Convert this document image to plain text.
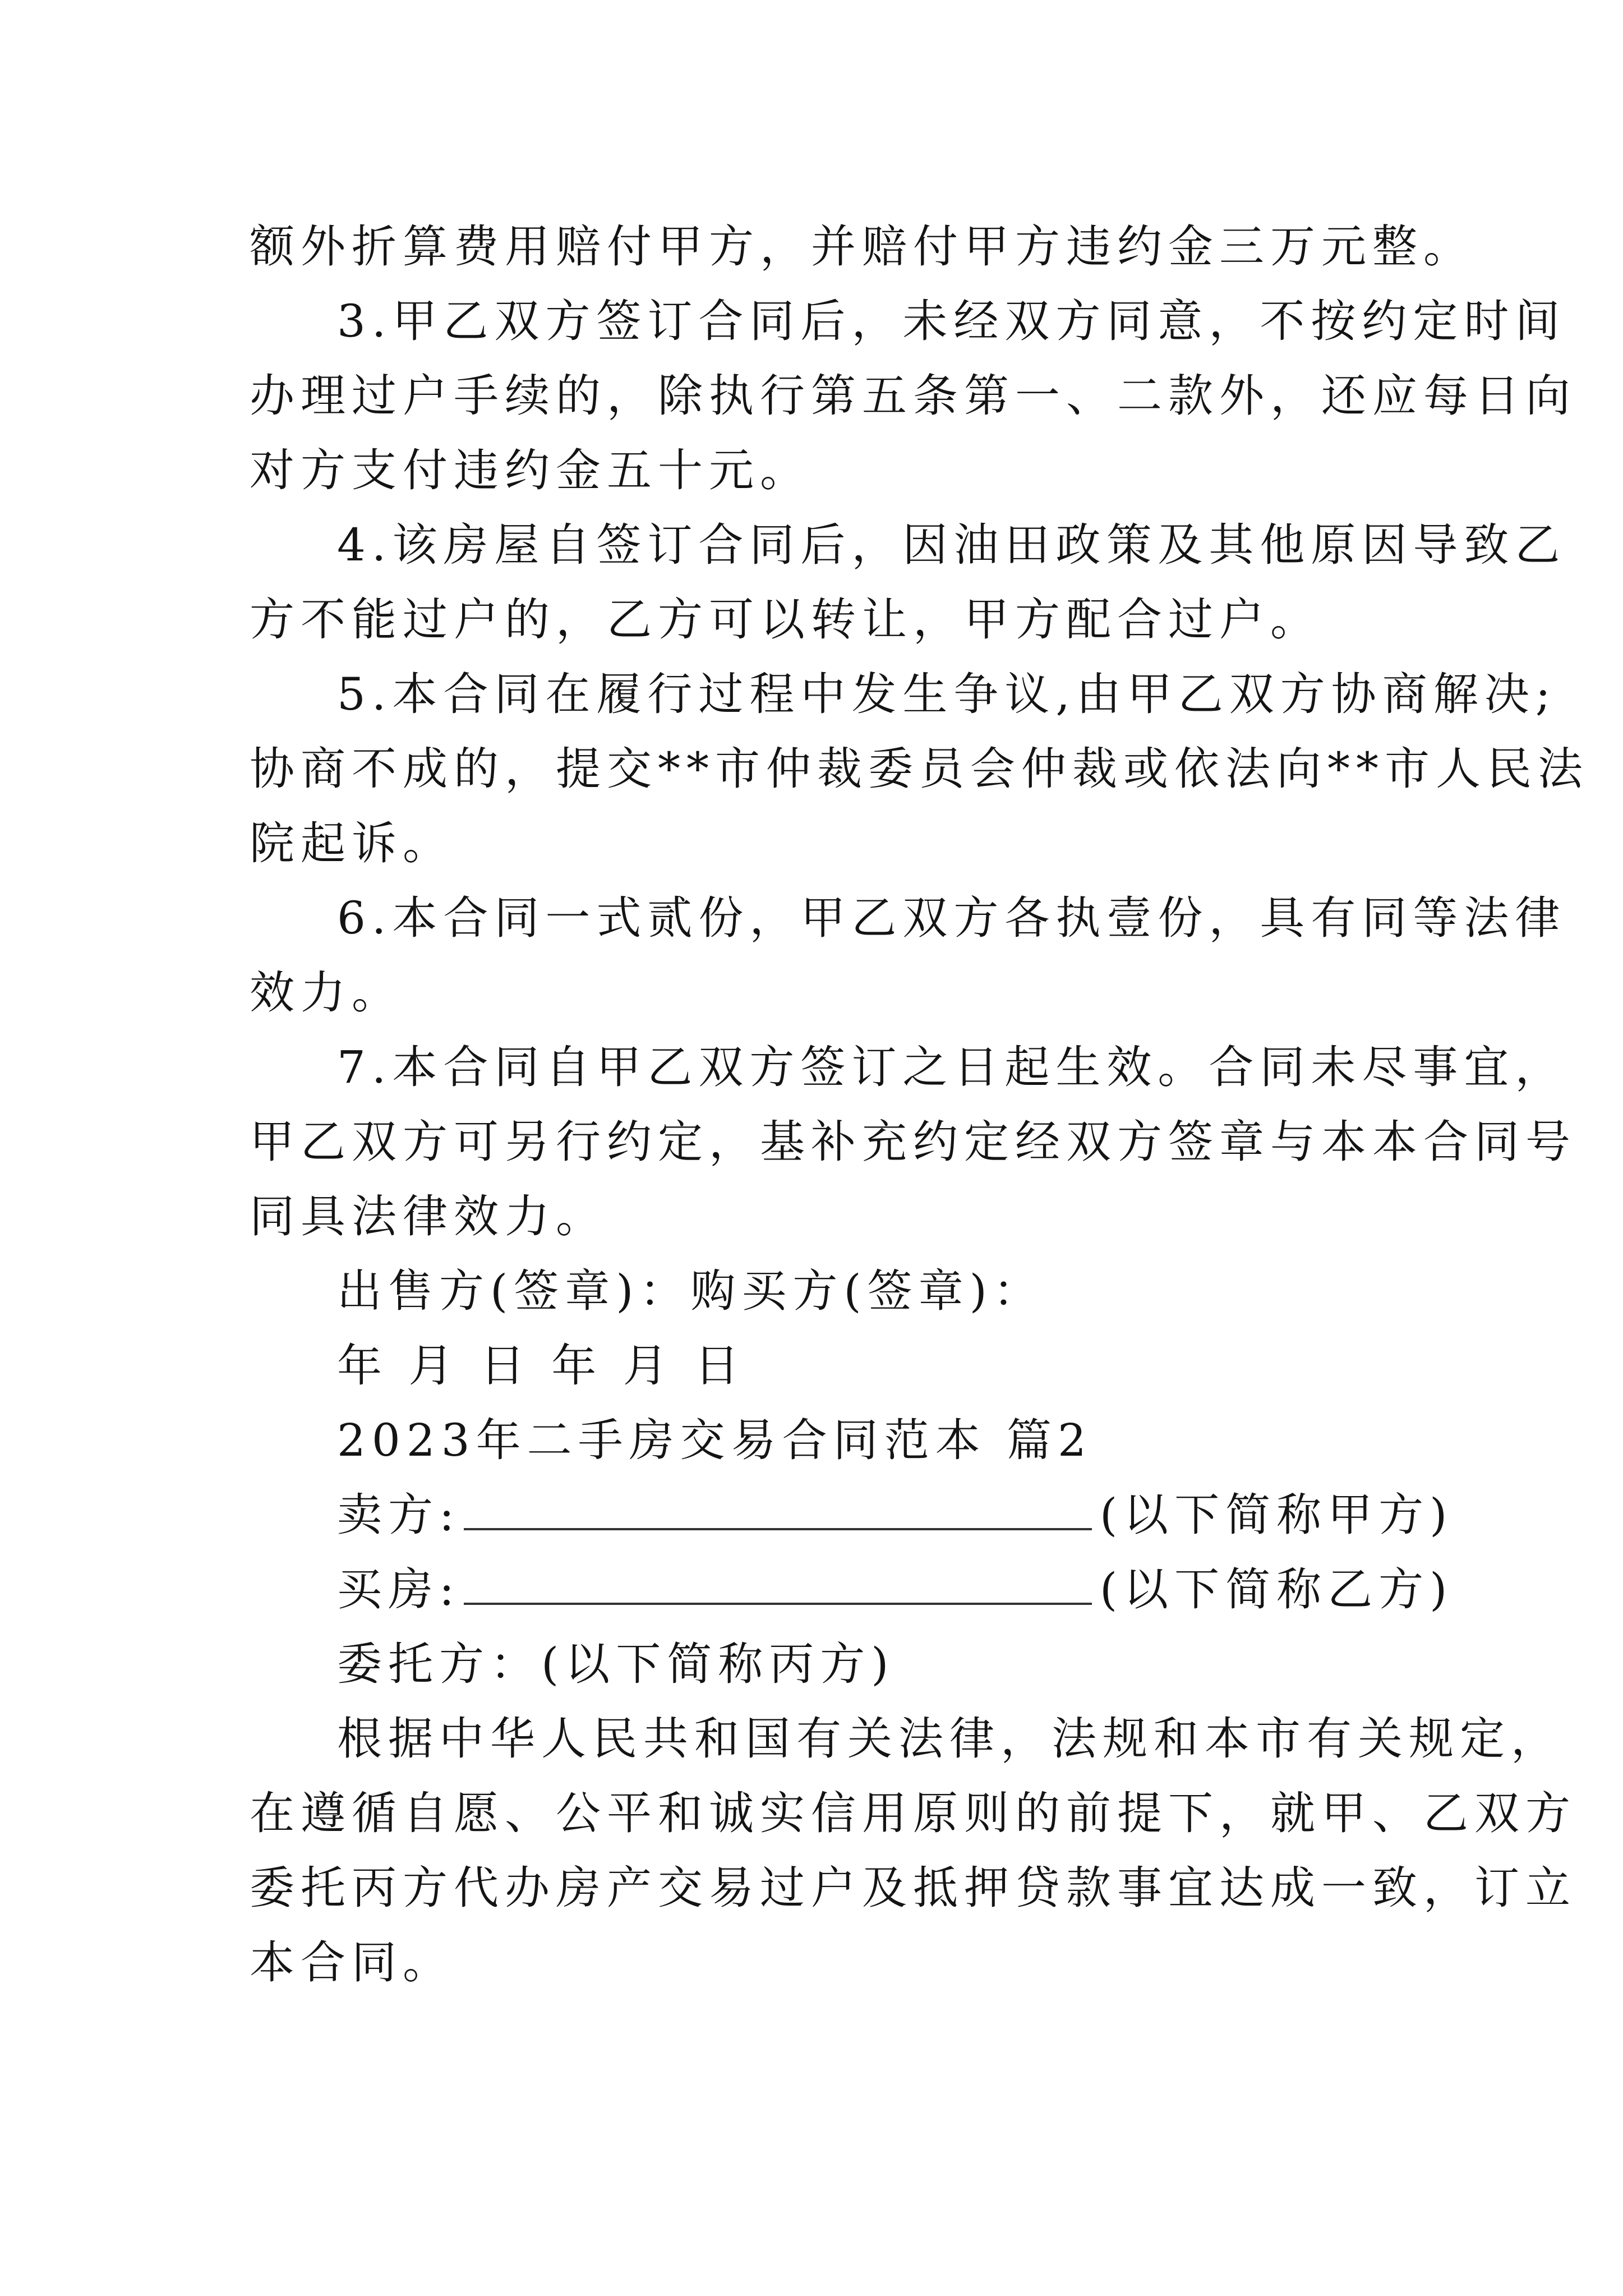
额外折算费用赔付甲方，并赔付甲方违约金三万元整。
3.甲乙双方签订合同后，未经双方同意，不按约定时间
办理过户手续的，除执行第五条第一、二款外，还应每日向
对方支付违约金五十元。
4.该房屋自签订合同后，因油田政策及其他原因导致乙
方不能过户的，乙方可以转让，甲方配合过户。
5.本合同在履行过程中发生争议,由甲乙双方协商解决;
协商不成的，提交**市仲裁委员会仲裁或依法向**市人民法
院起诉。
6.本合同一式贰份，甲乙双方各执壹份，具有同等法律
效力。
7.本合同自甲乙双方签订之日起生效。合同未尽事宜，
甲乙双方可另行约定，基补充约定经双方签章与本本合同号
同具法律效力。
出售方(签章)：购买方(签章)：
年 月 日 年 月 日
2023年二手房交易合同范本 篇2
卖方:	(以下简称甲方)
买房:	(以下简称乙方)
委托方：(以下简称丙方)
根据中华人民共和国有关法律，法规和本市有关规定，
在遵循自愿、公平和诚实信用原则的前提下，就甲、乙双方
委托丙方代办房产交易过户及抵押贷款事宜达成一致，订立
本合同。
